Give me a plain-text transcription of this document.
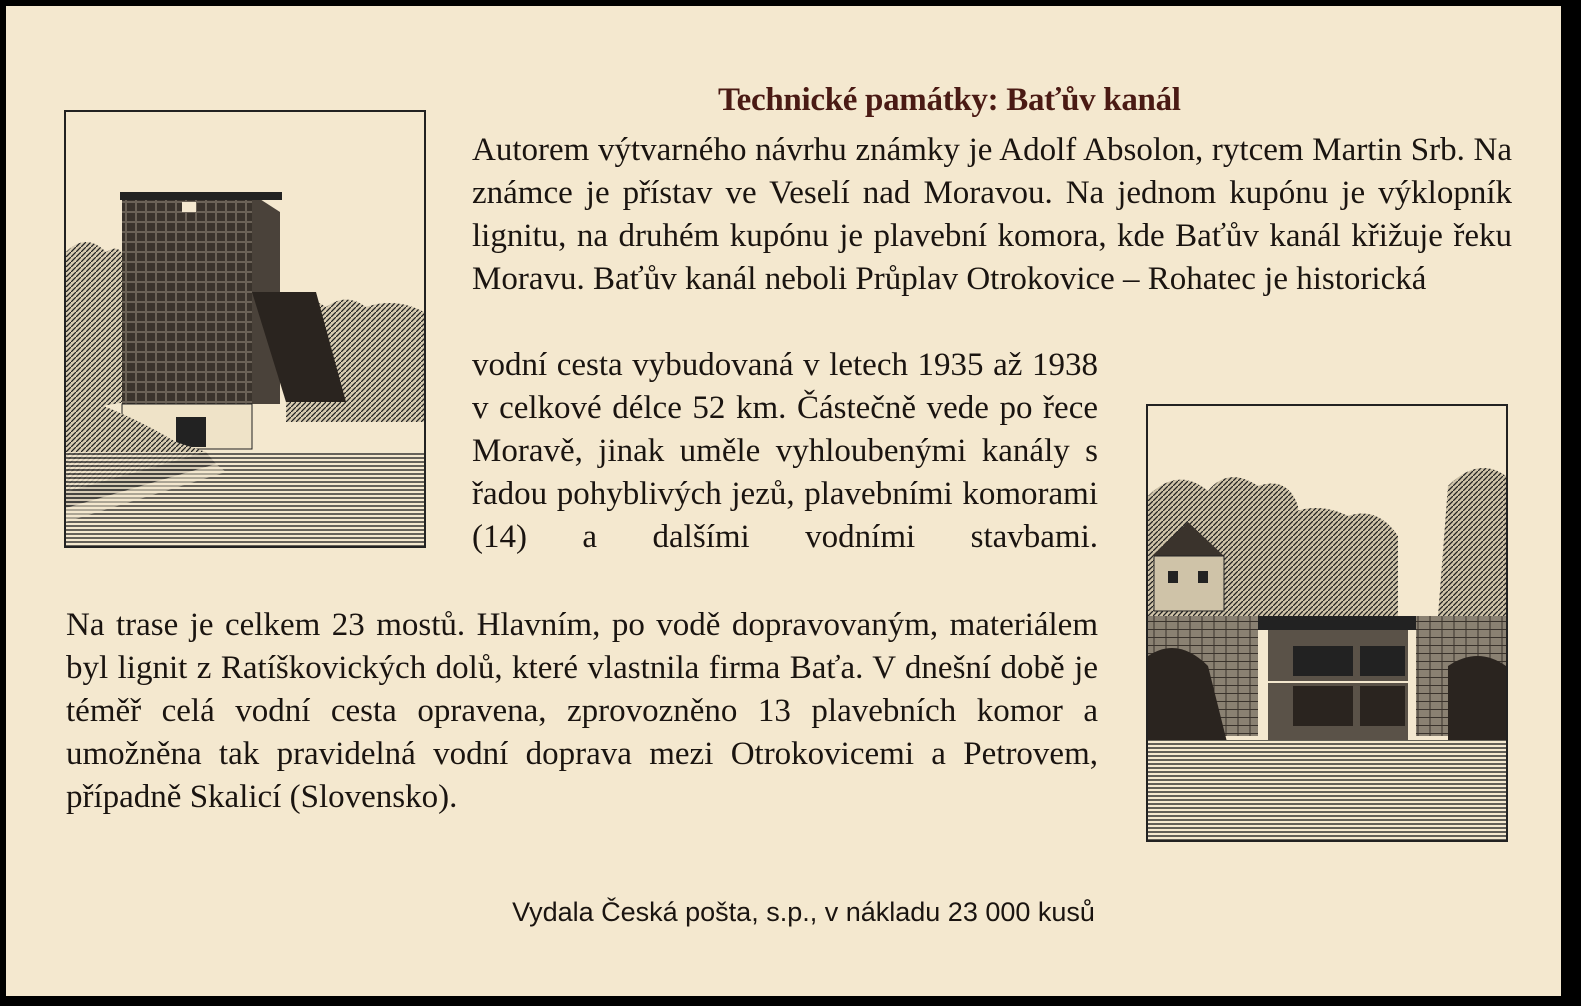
Technické památky: Baťův kanál
Autorem výtvarného návrhu známky je Adolf Absolon, rytcem Martin Srb. Na známce je přístav ve Veselí nad Moravou. Na jednom kupónu je výklopník lignitu, na druhém kupónu je plavební komora, kde Baťův kanál křižuje řeku Moravu. Baťův kanál neboli Průplav Otrokovice – Rohatec je historická
vodní cesta vybudovaná v letech 1935 až 1938 v celkové délce 52 km. Částečně vede po řece Moravě, jinak uměle vyhloubenými kanály s řadou pohyblivých jezů, plavebními komorami (14) a dalšími vodními stavbami.
Na trase je celkem 23 mostů. Hlavním, po vodě dopravovaným, materiálem byl lignit z Ratíškovických dolů, které vlastnila firma Baťa. V dnešní době je téměř celá vodní cesta opravena, zprovozněno 13 plavebních komor a umožněna tak pravidelná vodní doprava mezi Otrokovicemi a Petrovem, případně Skalicí (Slovensko).
Vydala Česká pošta, s.p., v nákladu 23 000 kusů
